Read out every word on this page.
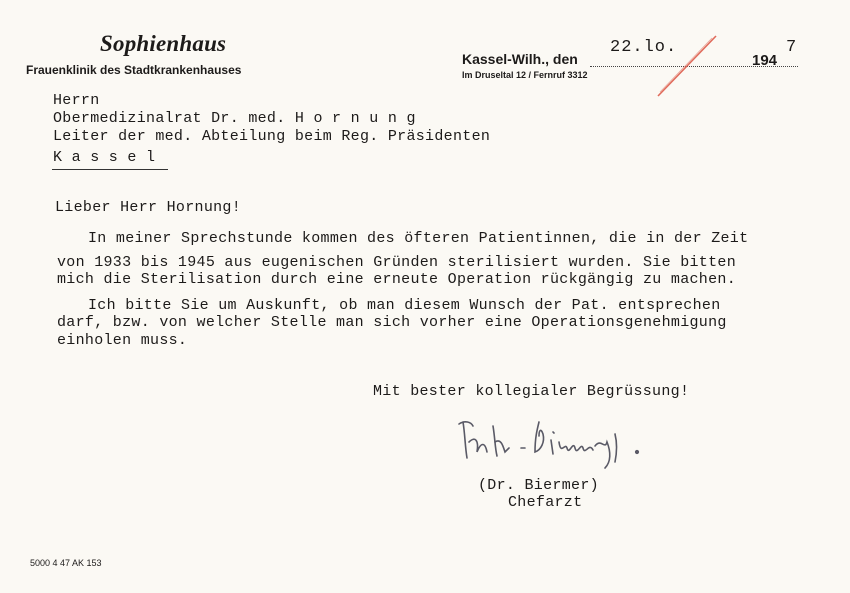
Sophienhaus
Frauenklinik des Stadtkrankenhauses
Kassel-Wilh., den
22.lo.
194
7
Im Druseltal 12 / Fernruf 3312
Herrn
Obermedizinalrat Dr. med. H o r n u n g
Leiter der med. Abteilung beim Reg. Präsidenten
K a s s e l
Lieber Herr Hornung!
In meiner Sprechstunde kommen des öfteren Patientinnen, die in der Zeit
von 1933 bis 1945 aus eugenischen Gründen sterilisiert wurden. Sie bitten
mich die Sterilisation durch eine erneute Operation rückgängig zu machen.
Ich bitte Sie um Auskunft, ob man diesem Wunsch der Pat. entsprechen
darf, bzw. von welcher Stelle man sich vorher eine Operationsgenehmigung
einholen muss.
Mit bester kollegialer Begrüssung!
(Dr. Biermer)
Chefarzt
5000 4 47 AK 153
